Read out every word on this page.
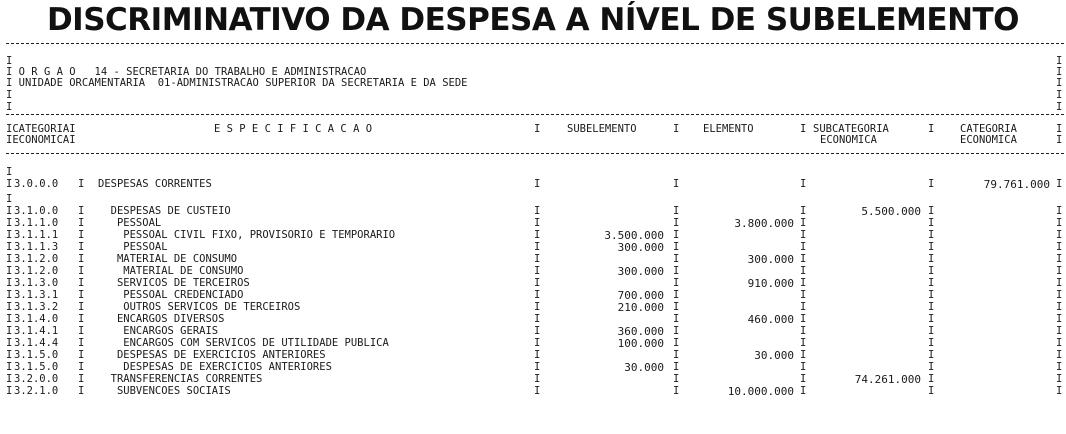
DISCRIMINATIVO DA DESPESA A NÍVEL DE SUBELEMENTO
I
I
I
I
I
I
I
I
I
I
I O R G A O   14 - SECRETARIA DO TRABALHO E ADMINISTRACAO
I UNIDADE ORCAMENTARIA  01-ADMINISTRACAO SUPERIOR DA SECRETARIA E DA SEDE
ICATEGORIAI
IECONOMICAI
E S P E C I F I C A C A O	I	SUBELEMENTO	I ELEMENTO	I SUBCATEGORIA
ECONOMICA
I CATEGORIA
ECONOMICA
I
I
I 3.0.0.0 I DESPESAS CORRENTES	I	I	I	I	79.761.000 I
I 3.1.0.0 I DESPESAS DE CUSTEIO	I	I	I	5.500.000 I	I
I 3.1.1.0 I PESSOAL	I	I	3.800.000 I	I	I
I 3.1.1.1 I PESSOAL CIVIL FIXO, PROVISORIO E TEMPORARIO	I	3.500.000 I	I	I	I
I 3.1.1.3 I PESSOAL	I	300.000 I	I	I	I
I 3.1.2.0 I MATERIAL DE CONSUMO	I	I	300.000 I	I	I
I 3.1.2.0 I MATERIAL DE CONSUMO	I	300.000 I	I	I	I
I 3.1.3.0 I SERVICOS DE TERCEIROS	I	I	910.000 I	I	I
I 3.1.3.1 I PESSOAL CREDENCIADO	I	700.000 I	I	I	I
I 3.1.3.2 I OUTROS SERVICOS DE TERCEIROS	I	210.000 I	I	I	I
I 3.1.4.0 I ENCARGOS DIVERSOS	I	I	460.000 I	I	I
I 3.1.4.1 I ENCARGOS GERAIS	I	360.000 I	I	I	I
I 3.1.4.4 I ENCARGOS COM SERVICOS DE UTILIDADE PUBLICA	I	100.000 I	I	I	I
I 3.1.5.0 I DESPESAS DE EXERCICIOS ANTERIORES	I	I	30.000 I	I	I
I 3.1.5.0 I DESPESAS DE EXERCICIOS ANTERIORES	I	30.000 I	I	I	I
I 3.2.0.0 I TRANSFERENCIAS CORRENTES	I	I	I	74.261.000 I	I
I 3.2.1.0 I SUBVENCOES SOCIAIS	I	I	10.000.000 I	I	I
